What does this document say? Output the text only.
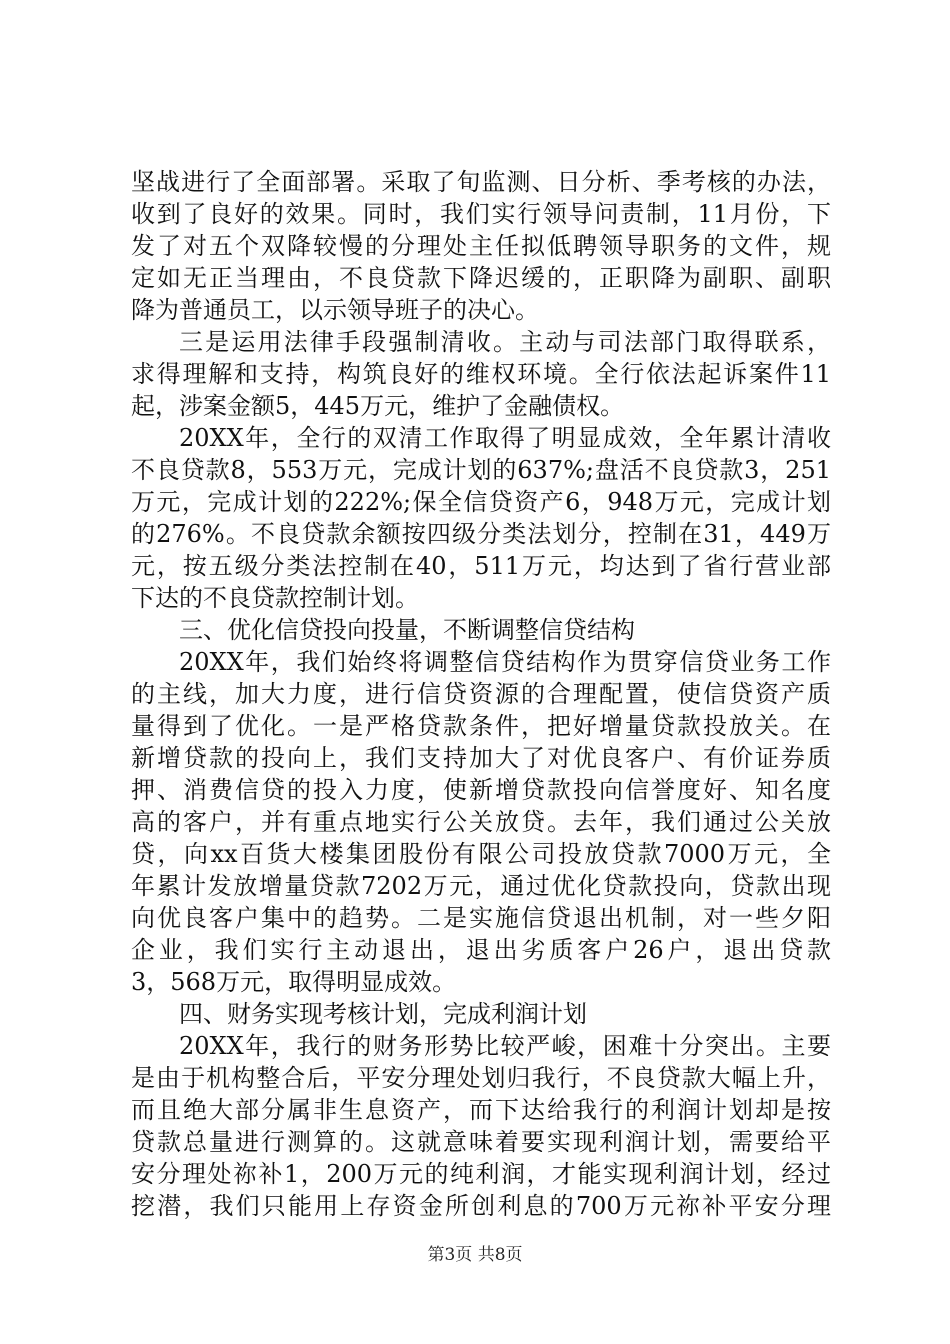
坚战进行了全面部署。采取了旬监测、日分析、季考核的办法，
收到了良好的效果。同时，我们实行领导问责制，11月份，下
发了对五个双降较慢的分理处主任拟低聘领导职务的文件，规
定如无正当理由，不良贷款下降迟缓的，正职降为副职、副职
降为普通员工，以示领导班子的决心。
三是运用法律手段强制清收。主动与司法部门取得联系，
求得理解和支持，构筑良好的维权环境。全行依法起诉案件11
起，涉案金额5，445万元，维护了金融债权。
20XX年，全行的双清工作取得了明显成效，全年累计清收
不良贷款8，553万元，完成计划的637%;盘活不良贷款3，251
万元，完成计划的222%;保全信贷资产6，948万元，完成计划
的276%。不良贷款余额按四级分类法划分，控制在31，449万
元，按五级分类法控制在40，511万元，均达到了省行营业部
下达的不良贷款控制计划。
三、优化信贷投向投量，不断调整信贷结构
20XX年，我们始终将调整信贷结构作为贯穿信贷业务工作
的主线，加大力度，进行信贷资源的合理配置，使信贷资产质
量得到了优化。一是严格贷款条件，把好增量贷款投放关。在
新增贷款的投向上，我们支持加大了对优良客户、有价证券质
押、消费信贷的投入力度，使新增贷款投向信誉度好、知名度
高的客户，并有重点地实行公关放贷。去年，我们通过公关放
贷，向xx百货大楼集团股份有限公司投放贷款7000万元，全
年累计发放增量贷款7202万元，通过优化贷款投向，贷款出现
向优良客户集中的趋势。二是实施信贷退出机制，对一些夕阳
企业，我们实行主动退出，退出劣质客户26户，退出贷款
3，568万元，取得明显成效。
四、财务实现考核计划，完成利润计划
20XX年，我行的财务形势比较严峻，困难十分突出。主要
是由于机构整合后，平安分理处划归我行，不良贷款大幅上升，
而且绝大部分属非生息资产，而下达给我行的利润计划却是按
贷款总量进行测算的。这就意味着要实现利润计划，需要给平
安分理处祢补1，200万元的纯利润，才能实现利润计划，经过
挖潜，我们只能用上存资金所创利息的700万元祢补平安分理
第3页 共8页
